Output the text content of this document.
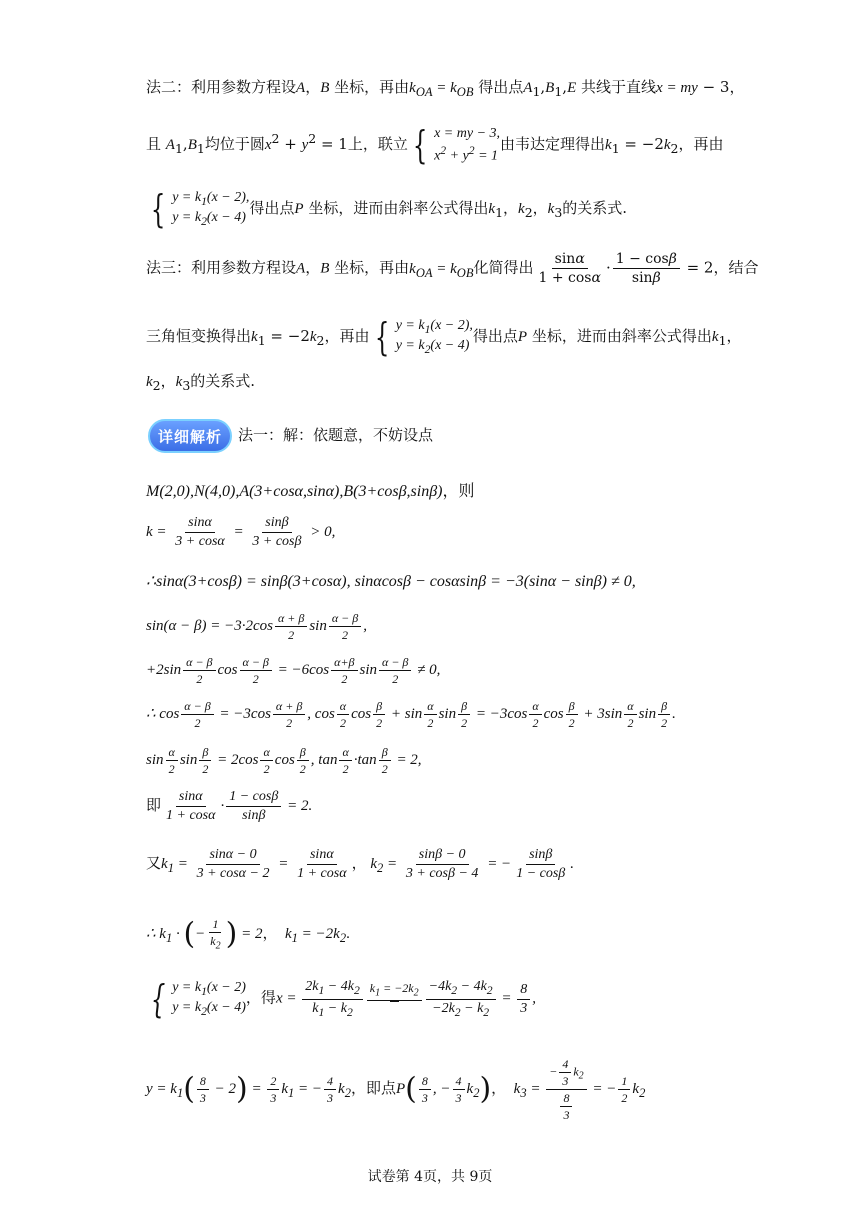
法二：利用参数方程设A，B 坐标，再由$k_{OA} = k_{OB}$ 得出点$A_1,B_1,E$ 共线于直线x = my − 3，
且 $A_1,B_1$均位于圆$x^2 + y^2 = 1$上，联立 { x = my − 3,
$x^2 + y^2 = 1$
由韦达定理得出$k_1 = -2k_2$，再由
{ $y = k_1(x - 2)$,
$y = k_2(x - 4)$
得出点P 坐标，进而由斜率公式得出$k_1$，$k_2$，$k_3$的关系式.
法三：利用参数方程设A，B 坐标，再由$k_{OA} = k_{OB}$化简得出 $\frac{\sin\alpha}{1 + \cos\alpha} \cdot \frac{1 - \cos\beta}{\sin\beta} = 2$，结合
三角恒变换得出$k_1 = -2k_2$，再由 { $y = k_1(x - 2)$,
$y = k_2(x - 4)$
得出点P 坐标，进而由斜率公式得出$k_1$，
$k_2$，$k_3$的关系式.
详细解析	法一：解：依题意，不妨设点
M(2,0),N(4,0),A(3+cosα,sinα),B(3+cosβ,sinβ)，则
$k = \frac{\sin\alpha}{3 + \cos\alpha} = \frac{\sin\beta}{3 + \cos\beta} > 0$,
∴sinα(3+cosβ) = sinβ(3+cosα), sinαcosβ − cosαsinβ = −3(sinα − sinβ) ≠ 0,
$\sin(\alpha - \beta) = -3\cdot 2\cos \frac{\alpha + \beta}{2}$ $\sin \frac{\alpha - \beta}{2}$ ,
$+2\sin \frac{\alpha - \beta}{2}$ $\cos \frac{\alpha - \beta}{2} = -6\cos \frac{\alpha+\beta}{2}$ $\sin \frac{\alpha - \beta}{2} \ne 0$,
∴ $\cos \frac{\alpha - \beta}{2} = -3\cos \frac{\alpha + \beta}{2}$ , $\cos \frac{\alpha}{2}$ $\cos \frac{\beta}{2} + \sin \frac{\alpha}{2}$ $\sin \frac{\beta}{2} = -3\cos \frac{\alpha}{2}$ $\cos \frac{\beta}{2} + 3\sin \frac{\alpha}{2}$ $\sin \frac{\beta}{2}$ .
$\sin \frac{\alpha}{2}$ $\sin \frac{\beta}{2} = 2\cos \frac{\alpha}{2}$ $\cos \frac{\beta}{2}$ , $\tan \frac{\alpha}{2} \cdot\tan \frac{\beta}{2} = 2$,
即 $\frac{\sin\alpha}{1 + \cos\alpha} \cdot \frac{1 - \cos\beta}{\sin\beta} = 2$.
又$k_1 = \frac{\sin\alpha - 0}{3 + \cos\alpha - 2} = \frac{\sin\alpha}{1 + \cos\alpha}$ ， $k_2 = \frac{\sin\beta - 0}{3 + \cos\beta - 4}$ = − $\frac{\sin\beta}{1 - \cos\beta}$ .
∴ $k_1$ · (− $\frac{1}{k_2}$ ) = 2，  $k_1 = -2k_2$.
{ $y = k_1(x - 2)$
$y = k_2(x - 4)$
，得$x = \frac{2k_1 - 4k_2}{k_1 - k_2} k_1 = -2k_2$
$\frac{-4k_2 - 4k_2}{-2k_2 - k_2} = \frac{8}{3}$ ,
$y = k_1( \frac{8}{3} - 2) = \frac{2}{3} k_1$ = − $\frac{4}{3} k_2$，即点$P( \frac{8}{3}$ , − $\frac{4}{3} k_2$)，  $k_3 = \frac{- \frac{4}{3} k_2}{\frac{8}{3}}$ = − $\frac{1}{2} k_2$
试卷第 4页，共 9页
